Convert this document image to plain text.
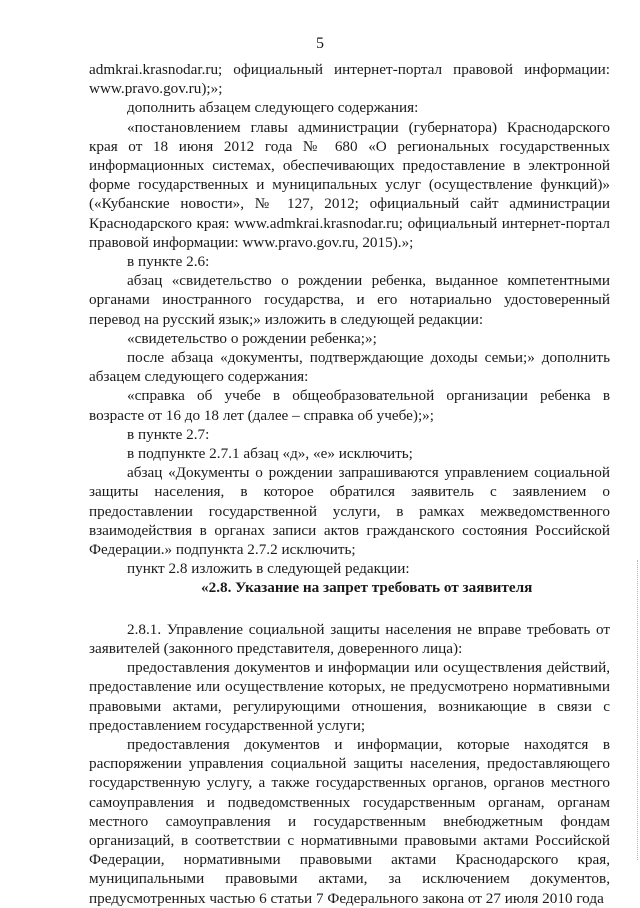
5

admkrai.krasnodar.ru; официальный интернет-портал правовой информации: www.pravo.gov.ru);»;

дополнить абзацем следующего содержания:

«постановлением главы администрации (губернатора) Краснодарского края от 18 июня 2012 года № 680 «О региональных государственных информационных системах, обеспечивающих предоставление в электронной форме государственных и муниципальных услуг (осуществление функций)» («Кубанские новости», № 127, 2012; официальный сайт администрации Краснодарского края: www.admkrai.krasnodar.ru; официальный интернет-портал правовой информации: www.pravo.gov.ru, 2015).»;

в пункте 2.6:

абзац «свидетельство о рождении ребенка, выданное компетентными органами иностранного государства, и его нотариально удостоверенный перевод на русский язык;» изложить в следующей редакции:

«свидетельство о рождении ребенка;»;

после абзаца «документы, подтверждающие доходы семьи;» дополнить абзацем следующего содержания:

«справка об учебе в общеобразовательной организации ребенка в возрасте от 16 до 18 лет (далее – справка об учебе);»;

в пункте 2.7:

в подпункте 2.7.1 абзац «д», «е» исключить;

абзац «Документы о рождении запрашиваются управлением социальной защиты населения, в которое обратился заявитель с заявлением о предоставлении государственной услуги, в рамках межведомственного взаимодействия в органах записи актов гражданского состояния Российской Федерации.» подпункта 2.7.2 исключить;

пункт 2.8 изложить в следующей редакции:

«2.8. Указание на запрет требовать от заявителя

2.8.1. Управление социальной защиты населения не вправе требовать от заявителей (законного представителя, доверенного лица):

предоставления документов и информации или осуществления действий, предоставление или осуществление которых, не предусмотрено нормативными правовыми актами, регулирующими отношения, возникающие в связи с предоставлением государственной услуги;

предоставления документов и информации, которые находятся в распоряжении управления социальной защиты населения, предоставляющего государственную услугу, а также государственных органов, органов местного самоуправления и подведомственных государственным органам, органам местного самоуправления и государственным внебюджетным фондам организаций, в соответствии с нормативными правовыми актами Российской Федерации, нормативными правовыми актами Краснодарского края, муниципальными правовыми актами, за исключением документов, предусмотренных частью 6 статьи 7 Федерального закона от 27 июля 2010 года
